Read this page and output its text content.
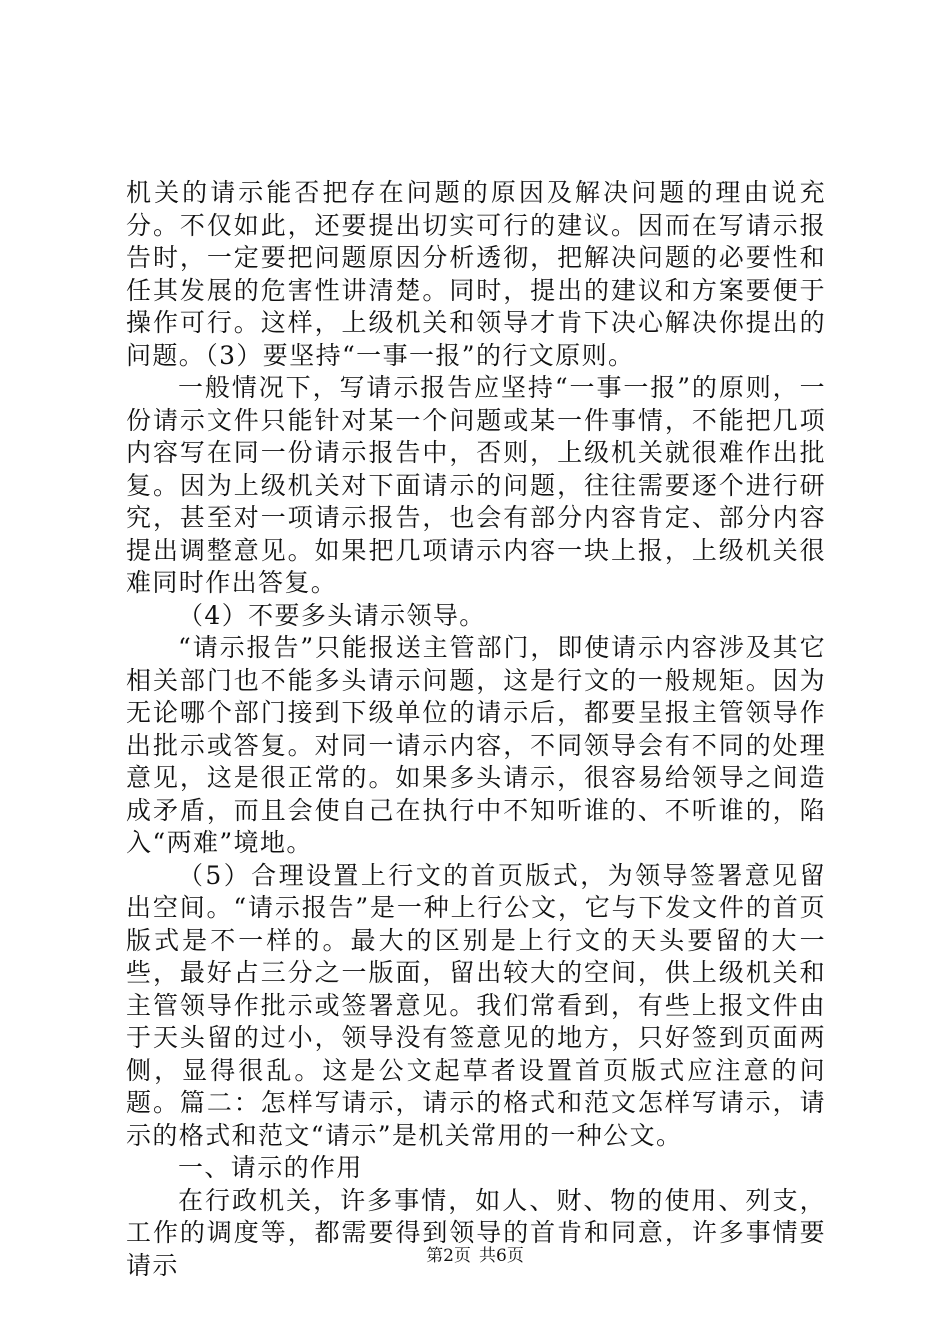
机关的请示能否把存在问题的原因及解决问题的理由说充分。不仅如此，还要提出切实可行的建议。因而在写请示报告时，一定要把问题原因分析透彻，把解决问题的必要性和任其发展的危害性讲清楚。同时，提出的建议和方案要便于操作可行。这样，上级机关和领导才肯下决心解决你提出的问题。（3）要坚持“一事一报”的行文原则。

一般情况下，写请示报告应坚持“一事一报”的原则，一份请示文件只能针对某一个问题或某一件事情，不能把几项内容写在同一份请示报告中，否则，上级机关就很难作出批复。因为上级机关对下面请示的问题，往往需要逐个进行研究，甚至对一项请示报告，也会有部分内容肯定、部分内容提出调整意见。如果把几项请示内容一块上报，上级机关很难同时作出答复。

（4）不要多头请示领导。

“请示报告”只能报送主管部门，即使请示内容涉及其它相关部门也不能多头请示问题，这是行文的一般规矩。因为无论哪个部门接到下级单位的请示后，都要呈报主管领导作出批示或答复。对同一请示内容，不同领导会有不同的处理意见，这是很正常的。如果多头请示，很容易给领导之间造成矛盾，而且会使自己在执行中不知听谁的、不听谁的，陷入“两难”境地。

（5）合理设置上行文的首页版式，为领导签署意见留出空间。“请示报告”是一种上行公文，它与下发文件的首页版式是不一样的。最大的区别是上行文的天头要留的大一些，最好占三分之一版面，留出较大的空间，供上级机关和主管领导作批示或签署意见。我们常看到，有些上报文件由于天头留的过小，领导没有签意见的地方，只好签到页面两侧，显得很乱。这是公文起草者设置首页版式应注意的问题。篇二：怎样写请示，请示的格式和范文怎样写请示，请示的格式和范文“请示”是机关常用的一种公文。

一、请示的作用

在行政机关，许多事情，如人、财、物的使用、列支，工作的调度等，都需要得到领导的首肯和同意，许多事情要请示	第2页 共6页
